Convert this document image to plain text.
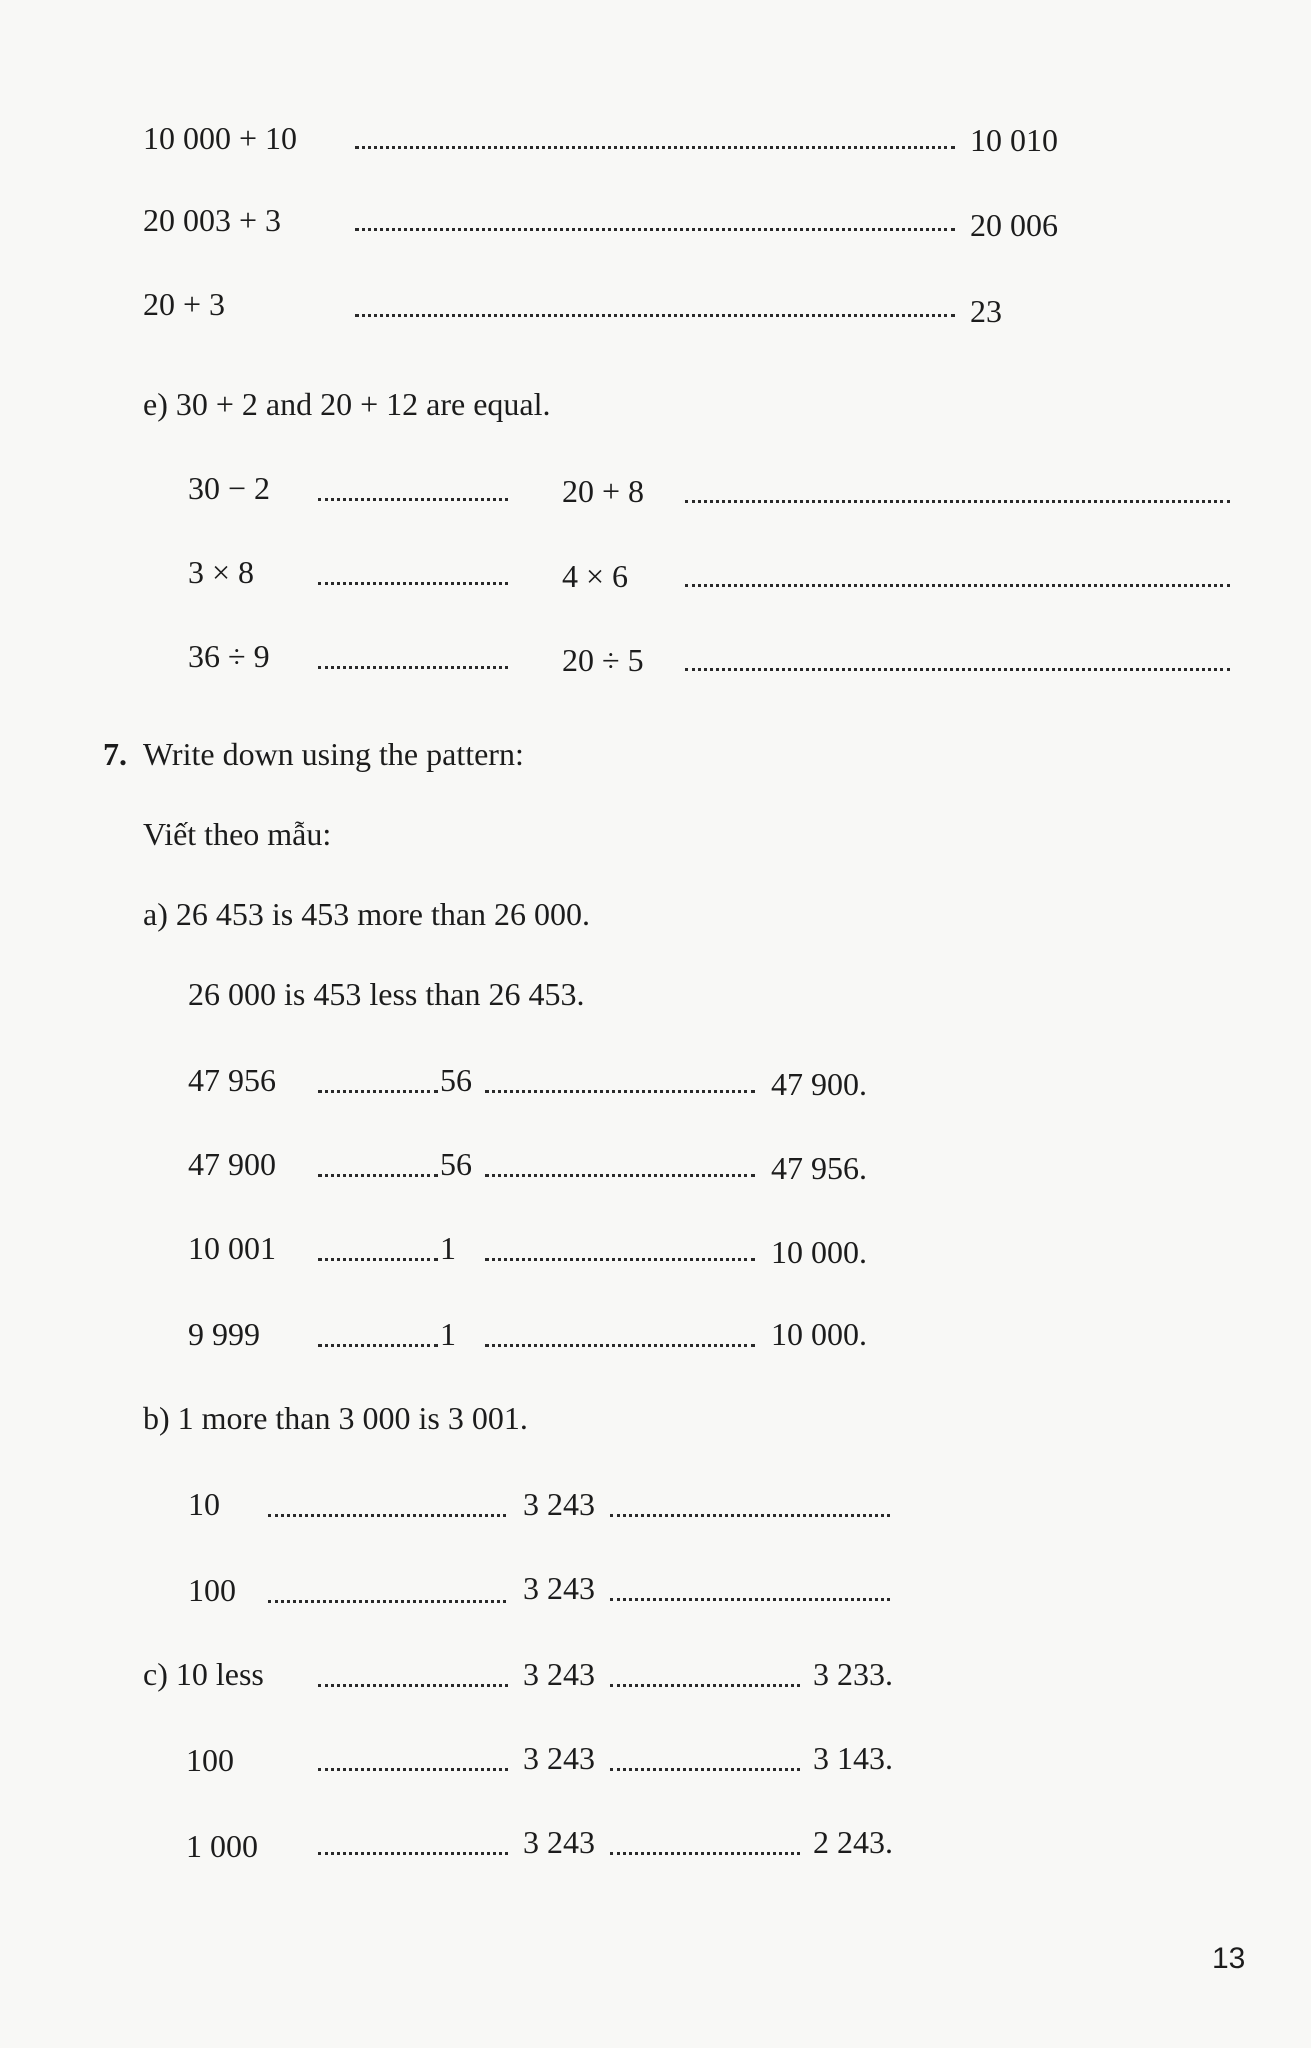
10 000 + 10	10 010
20 003 + 3	20 006
20 + 3	23
e) 30 + 2 and 20 + 12 are equal.
30 − 2	20 + 8
3 × 8	4 × 6
36 ÷ 9	20 ÷ 5
7. Write down using the pattern:
Viết theo mẫu:
a) 26 453 is 453 more than 26 000.
26 000 is 453 less than 26 453.
47 956	56	47 900.
47 900	56	47 956.
10 001	1	10 000.
9 999	1	10 000.
b) 1 more than 3 000 is 3 001.
10	3 243
100	3 243
c) 10 less	3 243	3 233.
100	3 243	3 143.
1 000	3 243	2 243.
13
